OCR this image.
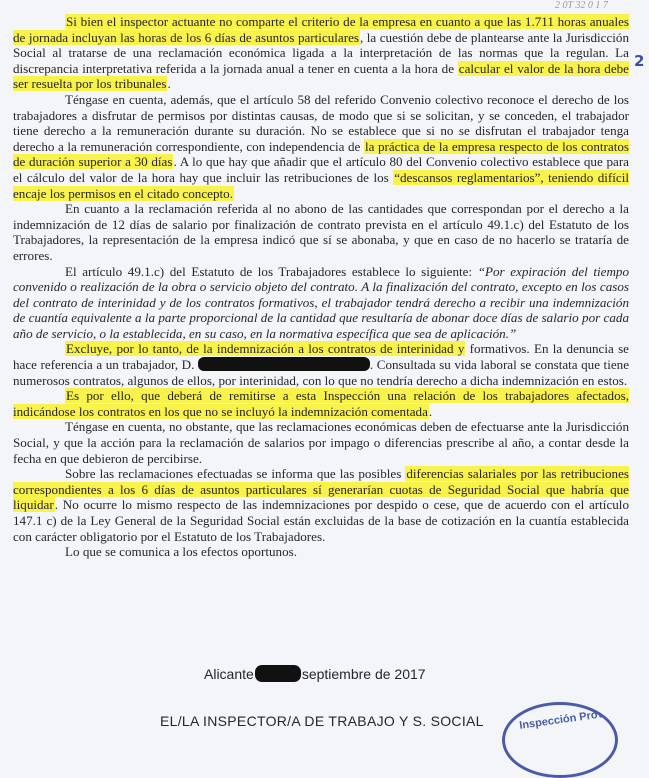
2 0T 32 0 1 7
2

Si bien el inspector actuante no comparte el criterio de la empresa en cuanto a que las 1.711 horas anuales de jornada incluyan las horas de los 6 días de asuntos particulares, la cuestión debe de plantearse ante la Jurisdicción Social al tratarse de una reclamación económica ligada a la interpretación de las normas que la regulan. La discrepancia interpretativa referida a la jornada anual a tener en cuenta a la hora de calcular el valor de la hora debe ser resuelta por los tribunales.

Téngase en cuenta, además, que el artículo 58 del referido Convenio colectivo reconoce el derecho de los trabajadores a disfrutar de permisos por distintas causas, de modo que si se solicitan, y se conceden, el trabajador tiene derecho a la remuneración durante su duración. No se establece que si no se disfrutan el trabajador tenga derecho a la remuneración correspondiente, con independencia de la práctica de la empresa respecto de los contratos de duración superior a 30 días. A lo que hay que añadir que el artículo 80 del Convenio colectivo establece que para el cálculo del valor de la hora hay que incluir las retribuciones de los “descansos reglamentarios”, teniendo difícil encaje los permisos en el citado concepto.

En cuanto a la reclamación referida al no abono de las cantidades que correspondan por el derecho a la indemnización de 12 días de salario por finalización de contrato prevista en el artículo 49.1.c) del Estatuto de los Trabajadores, la representación de la empresa indicó que sí se abonaba, y que en caso de no hacerlo se trataría de errores.

El artículo 49.1.c) del Estatuto de los Trabajadores establece lo siguiente: “Por expiración del tiempo convenido o realización de la obra o servicio objeto del contrato. A la finalización del contrato, excepto en los casos del contrato de interinidad y de los contratos formativos, el trabajador tendrá derecho a recibir una indemnización de cuantía equivalente a la parte proporcional de la cantidad que resultaría de abonar doce días de salario por cada año de servicio, o la establecida, en su caso, en la normativa específica que sea de aplicación.”

Excluye, por lo tanto, de la indemnización a los contratos de interinidad y formativos. En la denuncia se hace referencia a un trabajador, D.	. Consultada su vida laboral se constata que tiene numerosos contratos, algunos de ellos, por interinidad, con lo que no tendría derecho a dicha indemnización en estos.

Es por ello, que deberá de remitirse a esta Inspección una relación de los trabajadores afectados, indicándose los contratos en los que no se incluyó la indemnización comentada.

Téngase en cuenta, no obstante, que las reclamaciones económicas deben de efectuarse ante la Jurisdicción Social, y que la acción para la reclamación de salarios por impago o diferencias prescribe al año, a contar desde la fecha en que debieron de percibirse.

Sobre las reclamaciones efectuadas se informa que las posibles diferencias salariales por las retribuciones correspondientes a los 6 días de asuntos particulares sí generarían cuotas de Seguridad Social que habría que liquidar. No ocurre lo mismo respecto de las indemnizaciones por despido o cese, que de acuerdo con el artículo 147.1 c) de la Ley General de la Seguridad Social están excluidas de la base de cotización en la cuantía establecida con carácter obligatorio por el Estatuto de los Trabajadores.

Lo que se comunica a los efectos oportunos.

Alicante	septiembre de 2017
EL/LA INSPECTOR/A DE TRABAJO Y S. SOCIAL	Inspección Prov
